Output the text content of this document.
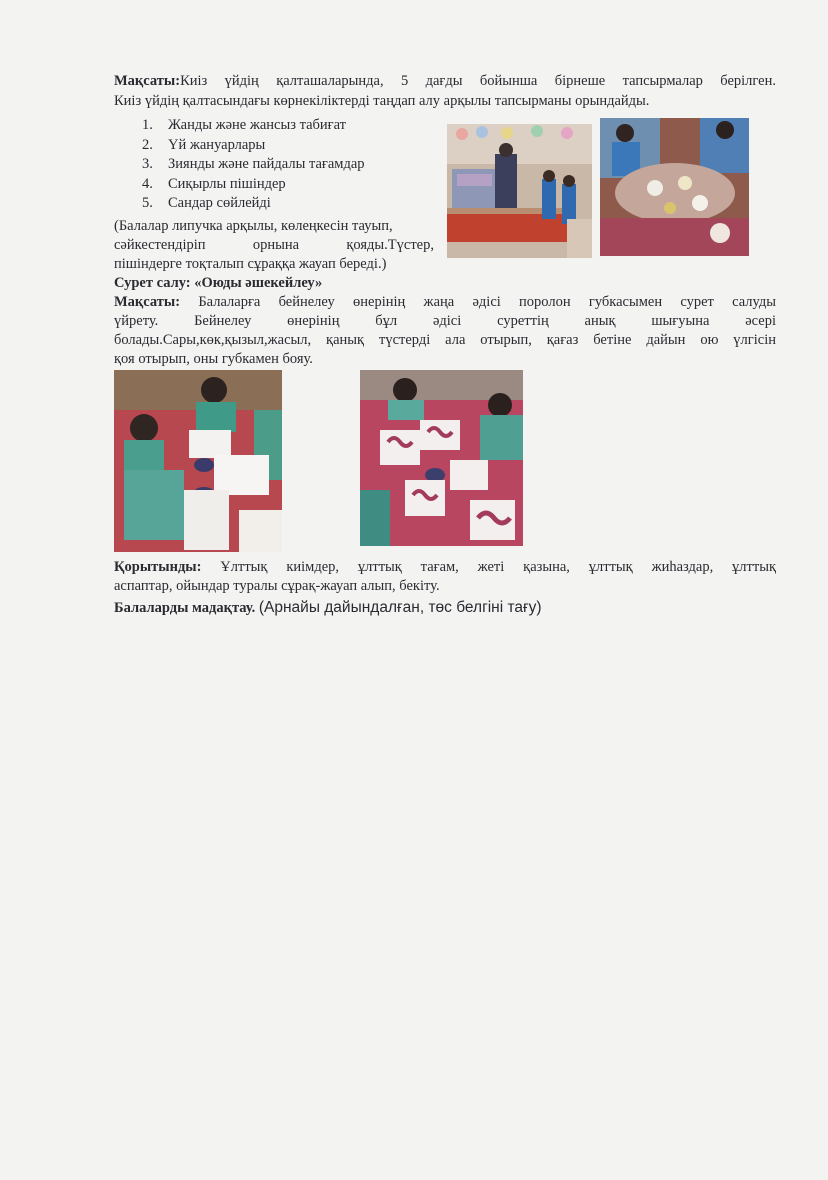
Мақсаты:Киіз үйдің қалташаларында, 5 дағды бойынша бірнеше тапсырмалар берілген.
Киіз үйдің қалтасындағы көрнекіліктерді таңдап алу арқылы тапсырманы орындайды.
1.	Жанды және жансыз табиғат
2.	Үй жануарлары
3.	Зиянды және пайдалы тағамдар
4.	Сиқырлы пішіндер
5.	Сандар сөйлейді
(Балалар липучка арқылы, көлеңкесін тауып,
сәйкестендіріп орнына қояды.Түстер,
пішіндерге тоқталып сұраққа жауап береді.)
Сурет салу: «Оюды әшекейлеу»
Мақсаты: Балаларға бейнелеу өнерінің жаңа әдісі поролон губкасымен сурет салуды
үйрету. Бейнелеу өнерінің бұл әдісі суреттің анық шығуына әсері
болады.Сары,көк,қызыл,жасыл, қанық түстерді ала отырып, қағаз бетіне дайын ою үлгісін
қоя отырып, оны губкамен бояу.
Қорытынды: Ұлттық киімдер, ұлттық тағам, жеті қазына, ұлттық жиһаздар, ұлттық
аспаптар, ойындар туралы сұрақ-жауап алып, бекіту.
Балаларды мадақтау. (Арнайы дайындалған, төс белгіні тағу)
